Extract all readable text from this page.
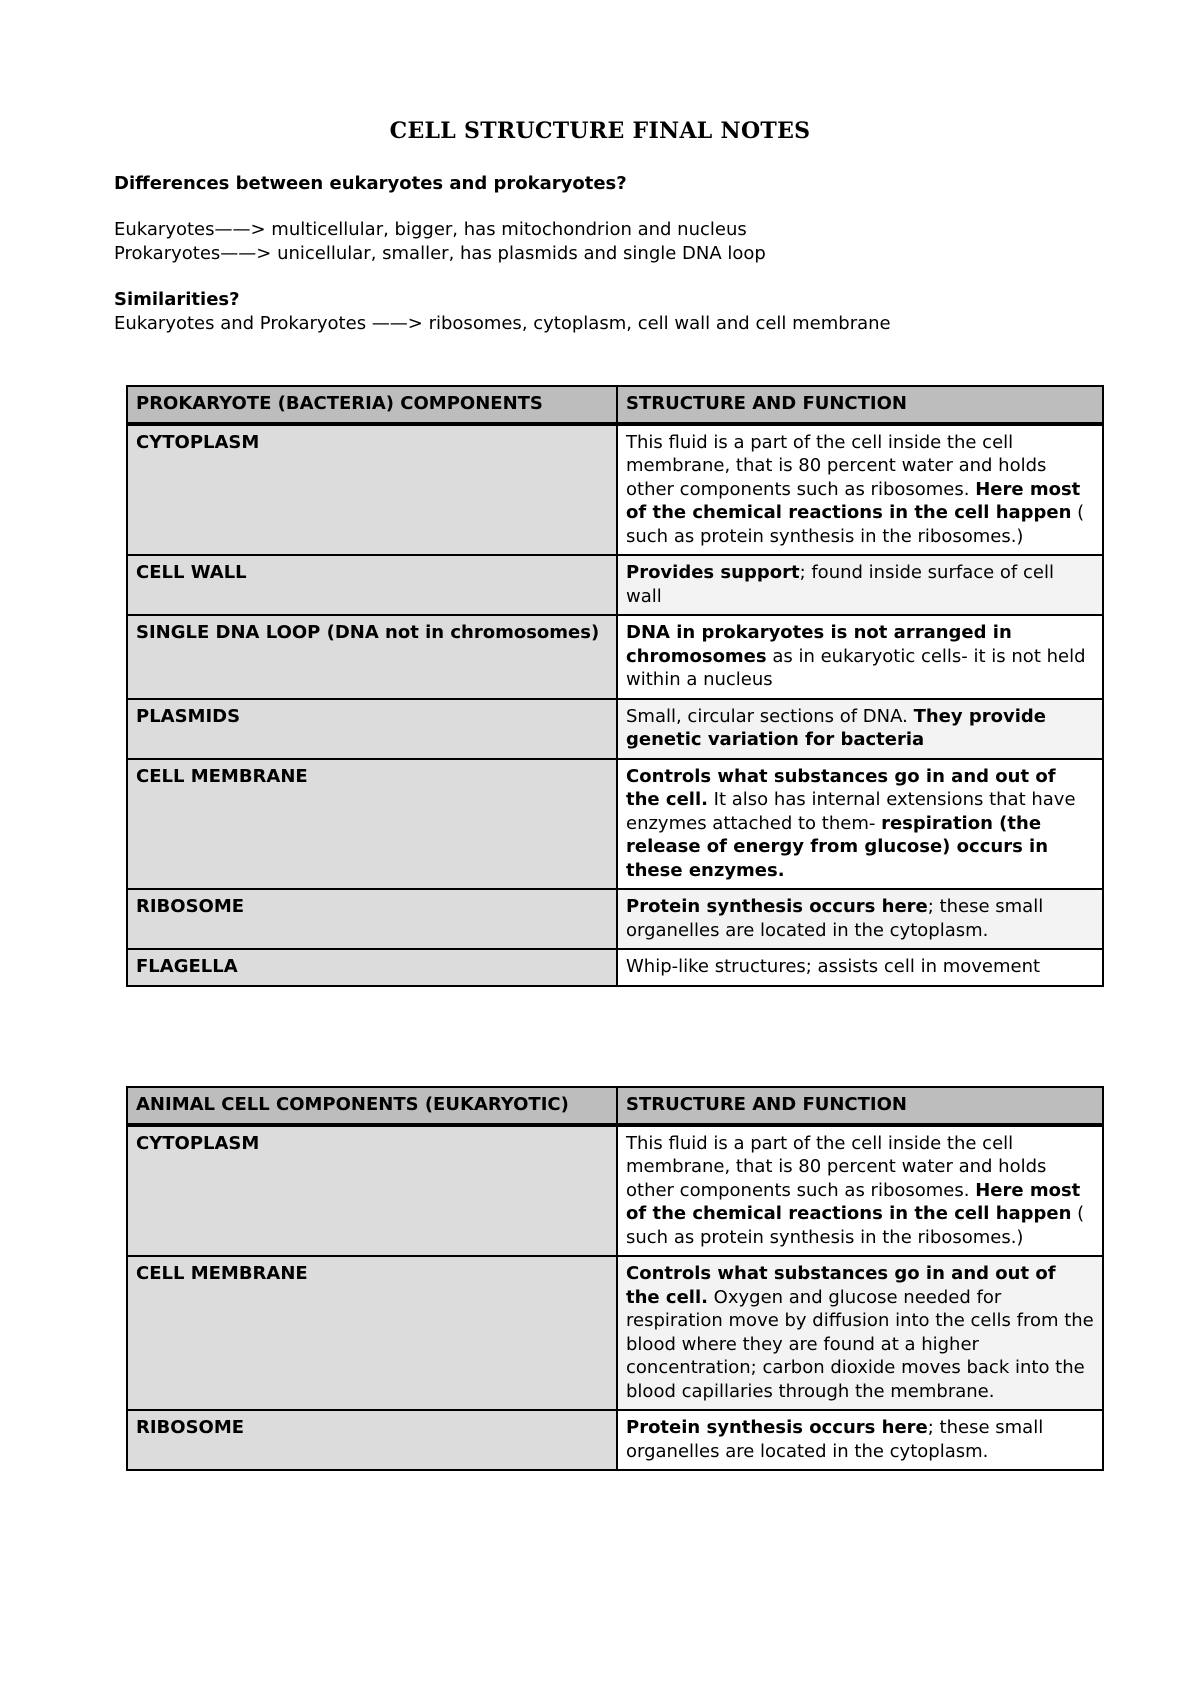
CELL STRUCTURE FINAL NOTES

Differences between eukaryotes and prokaryotes?

Eukaryotes——> multicellular, bigger, has mitochondrion and nucleus

Prokaryotes——> unicellular, smaller, has plasmids and single DNA loop

Similarities?

Eukaryotes and Prokaryotes ——> ribosomes, cytoplasm, cell wall and cell membrane

PROKARYOTE (BACTERIA) COMPONENTS	STRUCTURE AND FUNCTION
CYTOPLASM	This fluid is a part of the cell inside the cell membrane, that is 80 percent water and holds other components such as ribosomes. Here most of the chemical reactions in the cell happen ( such as protein synthesis in the ribosomes.)
CELL WALL	Provides support; found inside surface of cell wall
SINGLE DNA LOOP (DNA not in chromosomes)	DNA in prokaryotes is not arranged in chromosomes as in eukaryotic cells- it is not held within a nucleus
PLASMIDS	Small, circular sections of DNA. They provide genetic variation for bacteria
CELL MEMBRANE	Controls what substances go in and out of the cell. It also has internal extensions that have enzymes attached to them- respiration (the release of energy from glucose) occurs in these enzymes.
RIBOSOME	Protein synthesis occurs here; these small organelles are located in the cytoplasm.
FLAGELLA	Whip-like structures; assists cell in movement
ANIMAL CELL COMPONENTS (EUKARYOTIC)	STRUCTURE AND FUNCTION
CYTOPLASM	This fluid is a part of the cell inside the cell membrane, that is 80 percent water and holds other components such as ribosomes. Here most of the chemical reactions in the cell happen ( such as protein synthesis in the ribosomes.)
CELL MEMBRANE	Controls what substances go in and out of the cell. Oxygen and glucose needed for respiration move by diffusion into the cells from the blood where they are found at a higher concentration; carbon dioxide moves back into the blood capillaries through the membrane.
RIBOSOME	Protein synthesis occurs here; these small organelles are located in the cytoplasm.
